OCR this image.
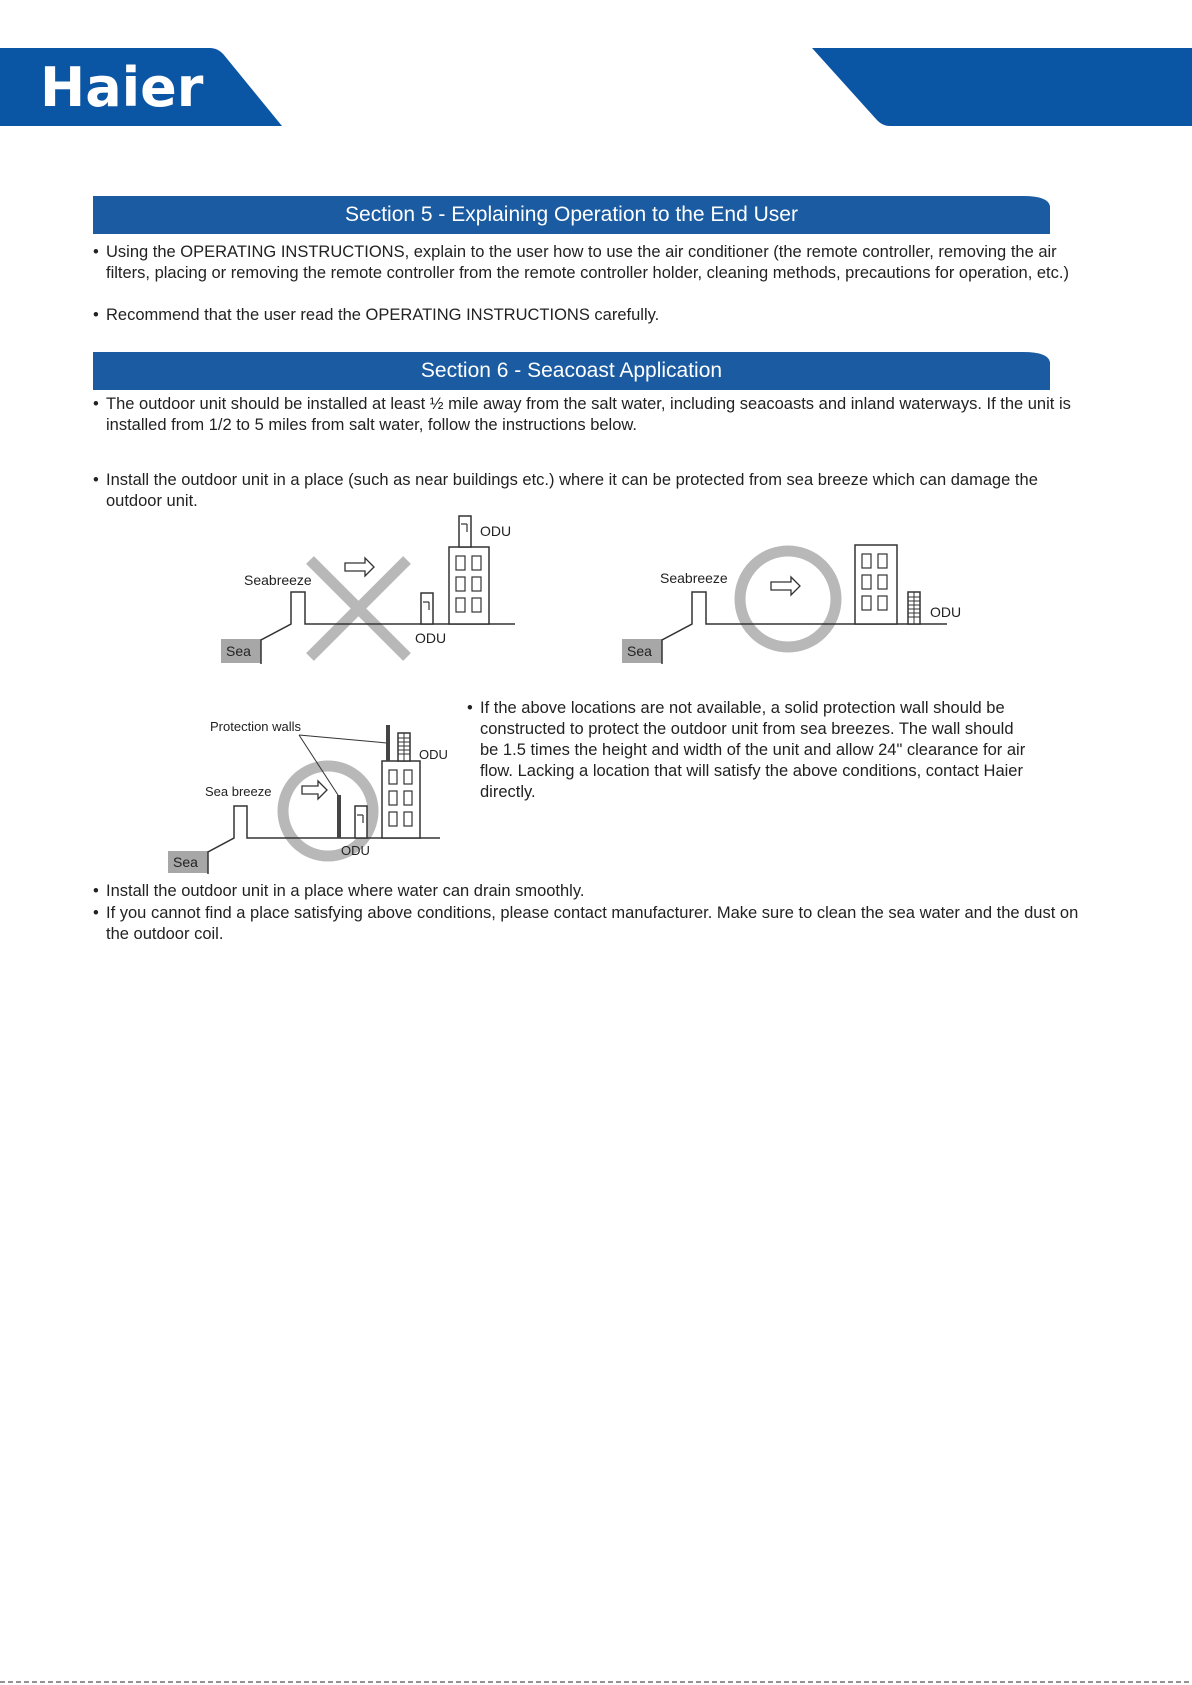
Haier
Section 5 - Explaining Operation to the End User
• Using the OPERATING INSTRUCTIONS, explain to the user how to use the air conditioner (the remote controller, removing the air filters, placing or removing the remote controller from the remote controller holder, cleaning methods, precautions for operation, etc.)
• Recommend that the user read the OPERATING INSTRUCTIONS carefully.
Section 6 - Seacoast Application
• The outdoor unit should be installed at least ½ mile away from the salt water, including seacoasts and inland waterways. If the unit is installed from 1/2 to 5 miles from salt water, follow the instructions below.
• Install the outdoor unit in a place (such as near buildings etc.) where it can be protected from sea breeze which can damage the outdoor unit.
Sea
Seabreeze
ODU
ODU
Sea
Seabreeze
ODU
Protection walls
Sea
Sea breeze
ODU
ODU
• If the above locations are not available, a solid protection wall should be constructed to protect the outdoor unit from sea breezes. The wall should be 1.5 times the height and width of the unit and allow 24" clearance for air flow. Lacking a location that will satisfy the above conditions, contact Haier directly.
• Install the outdoor unit in a place where water can drain smoothly.
• If you cannot find a place satisfying above conditions, please contact manufacturer. Make sure to clean the sea water and the dust on the outdoor coil.
